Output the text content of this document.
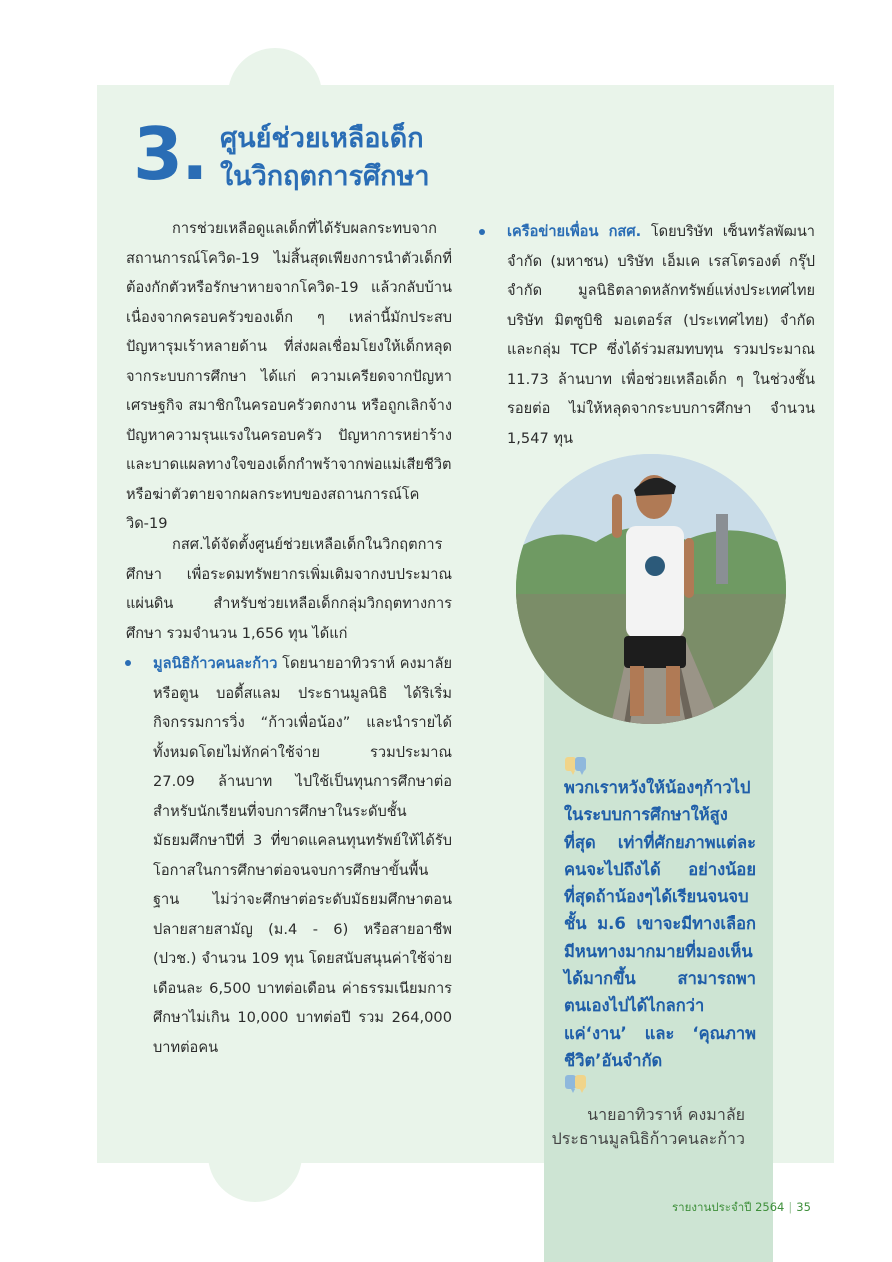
3. ศูนย์ช่วยเหลือเด็ก
ในวิกฤตการศึกษา

การช่วยเหลือดูแลเด็กที่ได้รับผลกระทบจากสถานการณ์โควิด-19 ไม่สิ้นสุดเพียงการนำตัวเด็กที่ต้องกักตัวหรือรักษาหายจากโควิด-19 แล้วกลับบ้าน เนื่องจากครอบครัวของเด็ก ๆ เหล่านี้มักประสบปัญหารุมเร้าหลายด้าน ที่ส่งผลเชื่อมโยงให้เด็กหลุดจากระบบการศึกษา ได้แก่ ความเครียดจากปัญหาเศรษฐกิจ สมาชิกในครอบครัวตกงาน หรือถูกเลิกจ้าง ปัญหาความรุนแรงในครอบครัว ปัญหาการหย่าร้าง และบาดแผลทางใจของเด็กกำพร้าจากพ่อแม่เสียชีวิตหรือฆ่าตัวตายจากผลกระทบของสถานการณ์โควิด-19

กสศ.ได้จัดตั้งศูนย์ช่วยเหลือเด็กในวิกฤตการศึกษา เพื่อระดมทรัพยากรเพิ่มเติมจากงบประมาณแผ่นดิน สำหรับช่วยเหลือเด็กกลุ่มวิกฤตทางการศึกษา รวมจำนวน 1,656 ทุน ได้แก่

มูลนิธิก้าวคนละก้าว โดยนายอาทิวราห์ คงมาลัย หรือตูน บอดี้สแลม ประธานมูลนิธิ ได้ริเริ่มกิจกรรมการวิ่ง “ก้าวเพื่อน้อง” และนำรายได้ทั้งหมดโดยไม่หักค่าใช้จ่าย รวมประมาณ 27.09 ล้านบาท ไปใช้เป็นทุนการศึกษาต่อสำหรับนักเรียนที่จบการศึกษาในระดับชั้นมัธยมศึกษาปีที่ 3 ที่ขาดแคลนทุนทรัพย์ให้ได้รับโอกาสในการศึกษาต่อจนจบการศึกษาขั้นพื้นฐาน ไม่ว่าจะศึกษาต่อระดับมัธยมศึกษาตอนปลายสายสามัญ (ม.4 - 6) หรือสายอาชีพ (ปวช.) จำนวน 109 ทุน โดยสนับสนุนค่าใช้จ่ายเดือนละ 6,500 บาทต่อเดือน ค่าธรรมเนียมการศึกษาไม่เกิน 10,000 บาทต่อปี รวม 264,000 บาทต่อคน

เครือข่ายเพื่อน กสศ. โดยบริษัท เซ็นทรัลพัฒนา จำกัด (มหาชน) บริษัท เอ็มเค เรสโตรองต์ กรุ๊ป จำกัด มูลนิธิตลาดหลักทรัพย์แห่งประเทศไทย บริษัท มิตซูบิชิ มอเตอร์ส (ประเทศไทย) จำกัด และกลุ่ม TCP ซึ่งได้ร่วมสมทบทุน รวมประมาณ 11.73 ล้านบาท เพื่อช่วยเหลือเด็ก ๆ ในช่วงชั้นรอยต่อ ไม่ให้หลุดจากระบบการศึกษา จำนวน 1,547 ทุน

พวกเราหวังให้น้องๆก้าวไปในระบบการศึกษาให้สูงที่สุด เท่าที่ศักยภาพแต่ละคนจะไปถึงได้ อย่างน้อยที่สุดถ้าน้องๆได้เรียนจนจบชั้น ม.6 เขาจะมีทางเลือก มีหนทางมากมายที่มองเห็นได้มากขึ้น สามารถพาตนเองไปได้ไกลกว่าแค่‘งาน’ และ ‘คุณภาพชีวิต’อันจำกัด

นายอาทิวราห์ คงมาลัย
ประธานมูลนิธิก้าวคนละก้าว
รายงานประจำปี 2564 | 35
